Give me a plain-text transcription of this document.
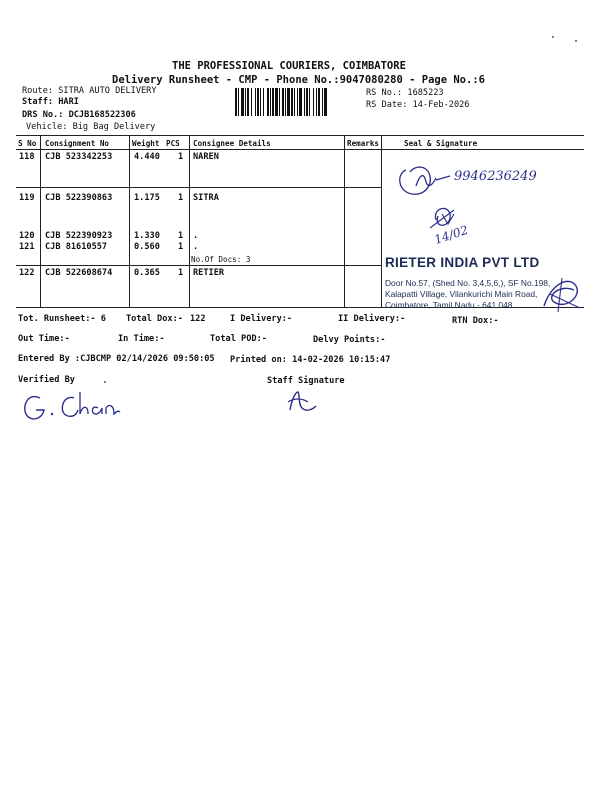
THE PROFESSIONAL COURIERS, COIMBATORE
Delivery Runsheet - CMP - Phone No.:9047080280 - Page No.:6
Route: SITRA AUTO DELIVERY
Staff: HARI
DRS No.: DCJB168522306
Vehicle: Big Bag Delivery
RS No.: 1685223
RS Date: 14-Feb-2026
S No Consignment No	Weight PCS Consignee Details	Remarks	Seal & Signature
118 CJB 523342253	4.440 1 NAREN
119 CJB 522390863	1.175 1 SITRA
120 CJB 522390923	1.330 1 .
121 CJB 81610557	0.560 1 .
No.Of Docs: 3
122 CJB 522608674	0.365 1 RETIER
9946236249
14/02
RIETER INDIA PVT LTD
Door No.57, (Shed No. 3,4,5,6,), SF No.198,
Kalapatti Village, Vilankurichi Main Road,
Coimbatore, Tamil Nadu - 641 048.
Tot. Runsheet:- 6 Total Dox:- 122	I Delivery:-	II Delivery:-	RTN Dox:-
Out Time:-	In Time:-	Total POD:-	Delvy Points:-
Entered By :CJBCMP 02/14/2026 09:50:05 Printed on: 14-02-2026 10:15:47
Verified By	Staff Signature
